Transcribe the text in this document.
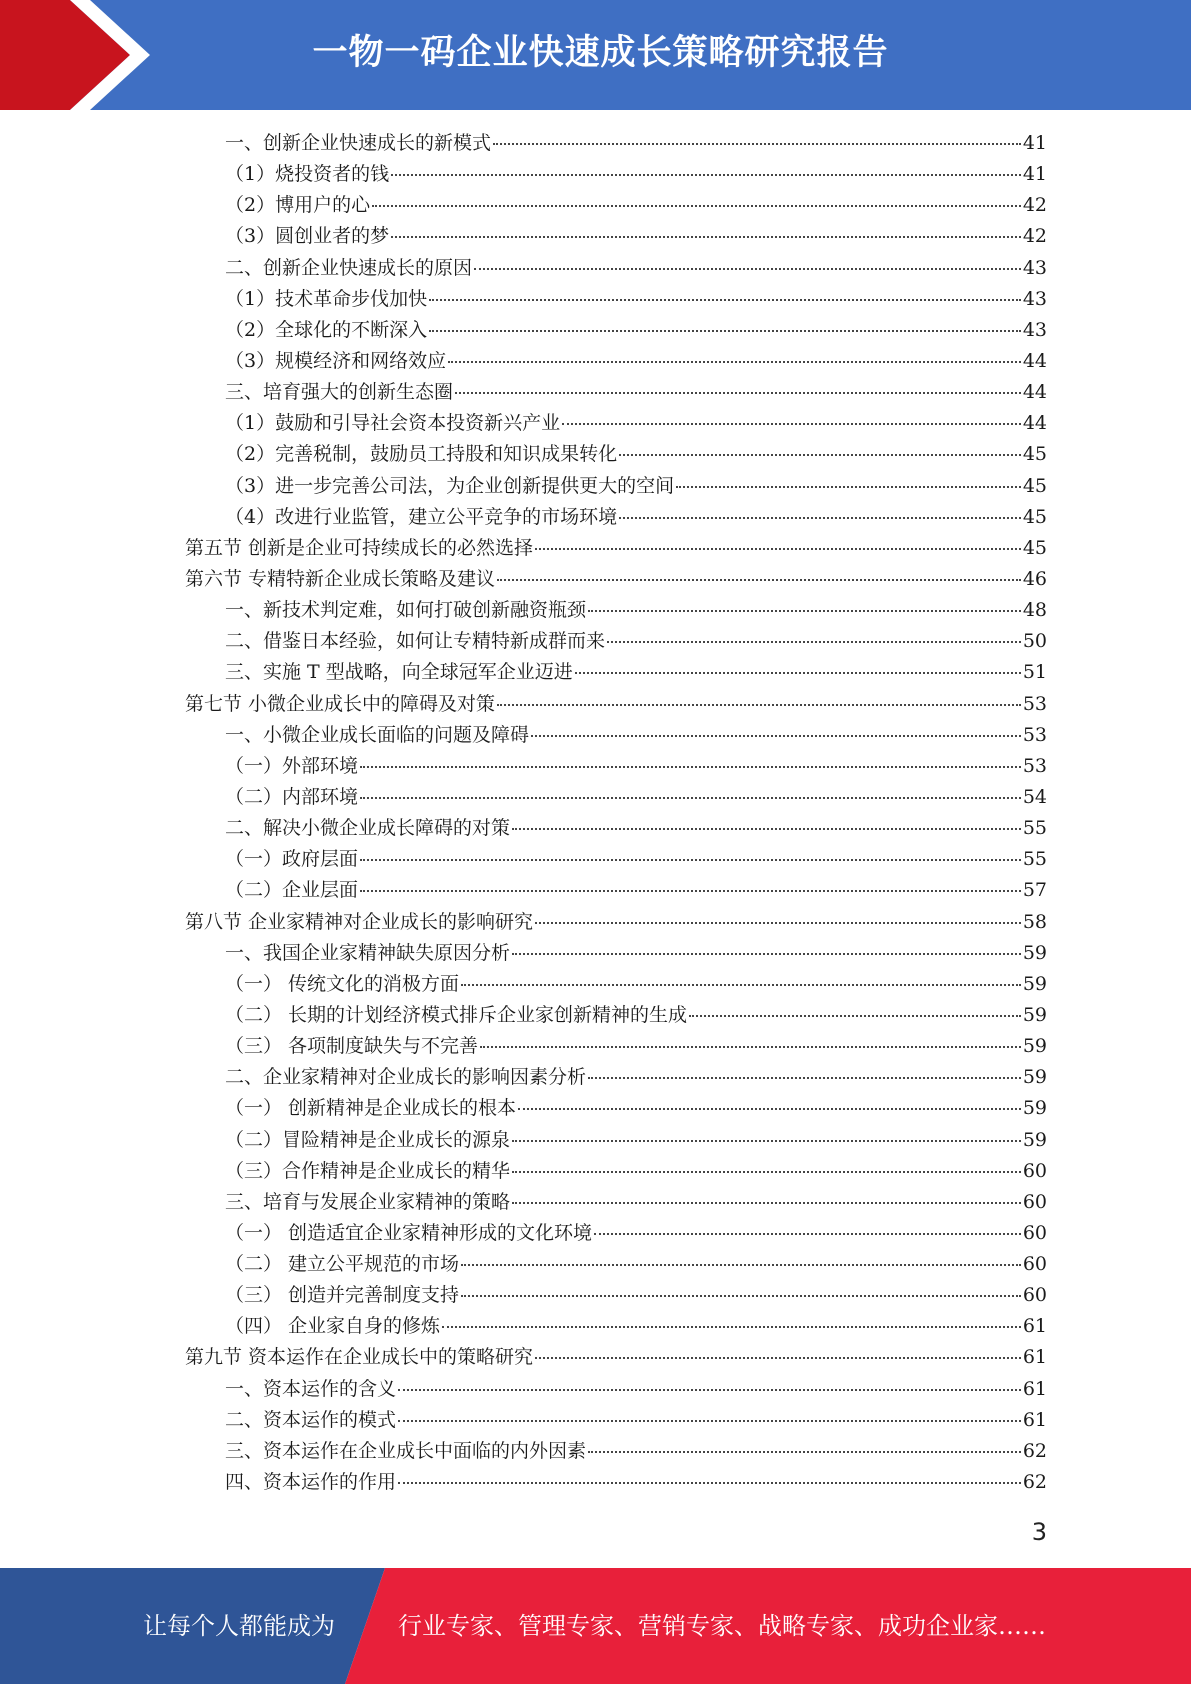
一物一码企业快速成长策略研究报告
一、创新企业快速成长的新模式	41
（1）烧投资者的钱	41
（2）博用户的心	42
（3）圆创业者的梦	42
二、创新企业快速成长的原因	43
（1）技术革命步伐加快	43
（2）全球化的不断深入	43
（3）规模经济和网络效应	44
三、培育强大的创新生态圈	44
（1）鼓励和引导社会资本投资新兴产业	44
（2）完善税制，鼓励员工持股和知识成果转化	45
（3）进一步完善公司法，为企业创新提供更大的空间	45
（4）改进行业监管，建立公平竞争的市场环境	45
第五节 创新是企业可持续成长的必然选择	45
第六节 专精特新企业成长策略及建议	46
一、新技术判定难，如何打破创新融资瓶颈	48
二、借鉴日本经验，如何让专精特新成群而来	50
三、实施 T 型战略，向全球冠军企业迈进	51
第七节 小微企业成长中的障碍及对策	53
一、小微企业成长面临的问题及障碍	53
（一）外部环境	53
（二）内部环境	54
二、解决小微企业成长障碍的对策	55
（一）政府层面	55
（二）企业层面	57
第八节 企业家精神对企业成长的影响研究	58
一、我国企业家精神缺失原因分析	59
（一） 传统文化的消极方面	59
（二） 长期的计划经济模式排斥企业家创新精神的生成	59
（三） 各项制度缺失与不完善	59
二、企业家精神对企业成长的影响因素分析	59
（一） 创新精神是企业成长的根本	59
（二）冒险精神是企业成长的源泉	59
（三）合作精神是企业成长的精华	60
三、培育与发展企业家精神的策略	60
（一） 创造适宜企业家精神形成的文化环境	60
（二） 建立公平规范的市场	60
（三） 创造并完善制度支持	60
（四） 企业家自身的修炼	61
第九节 资本运作在企业成长中的策略研究	61
一、资本运作的含义	61
二、资本运作的模式	61
三、资本运作在企业成长中面临的内外因素	62
四、资本运作的作用	62
3
让每个人都能成为	行业专家、管理专家、营销专家、战略专家、成功企业家……
